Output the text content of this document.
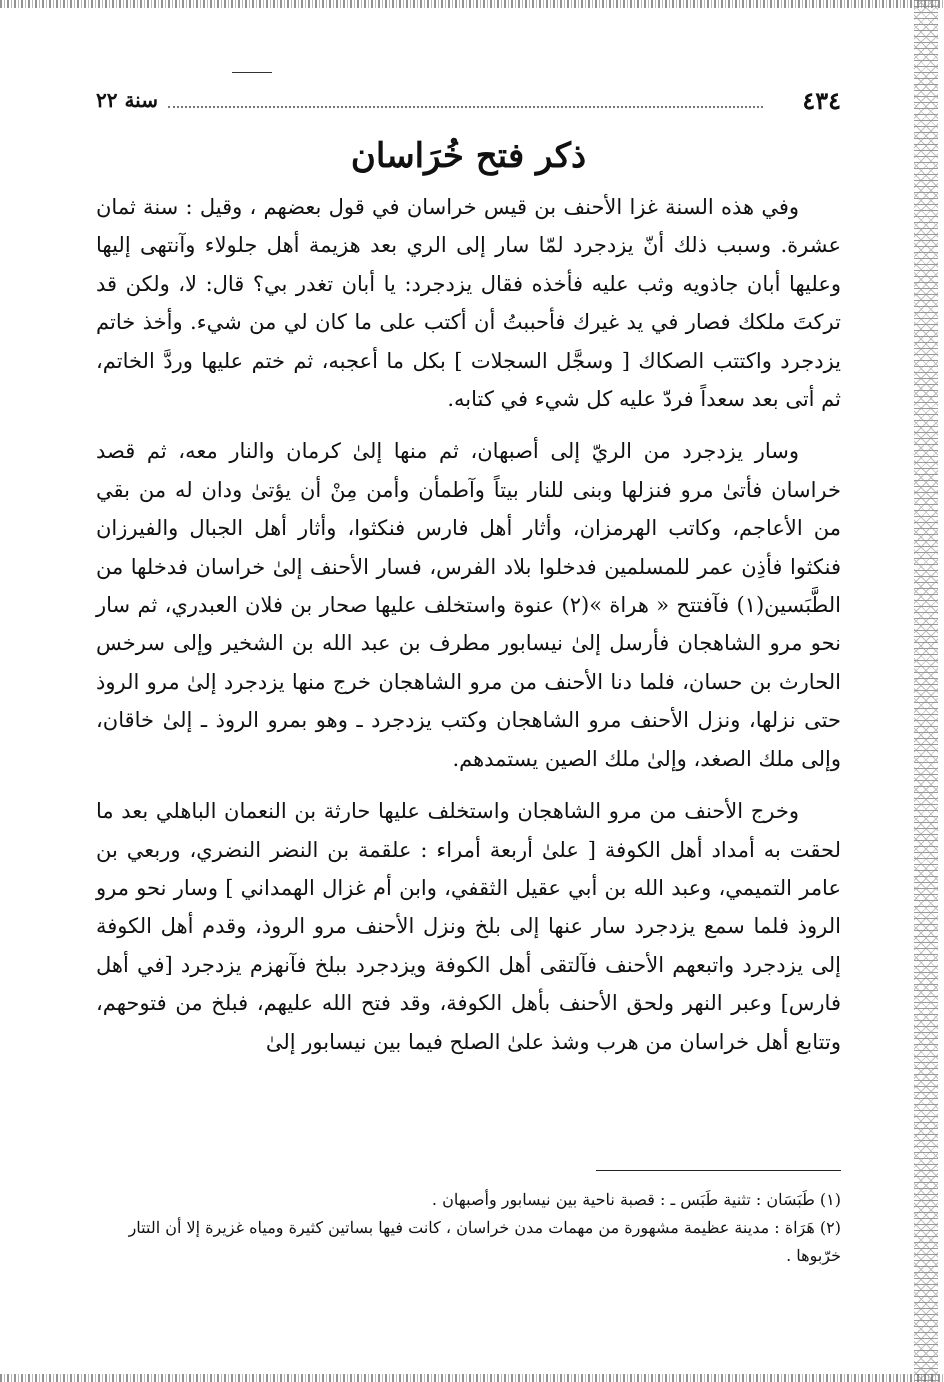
سنة ٢٢	٤٣٤
ذكر فتح خُرَاسان

وفي هذه السنة غزا الأحنف بن قيس خراسان في قول بعضهم ، وقيل : سنة ثمان عشرة. وسبب ذلك أنّ يزدجرد لمّا سار إلى الري بعد هزيمة أهل جلولاء وآنتهى إليها وعليها أبان جاذويه وثب عليه فأخذه فقال يزدجرد: يا أبان تغدر بي؟ قال: لا، ولكن قد تركتَ ملكك فصار في يد غيرك فأحببتُ أن أكتب على ما كان لي من شيء. وأخذ خاتم يزدجرد واكتتب الصكاك [ وسجَّل السجلات ] بكل ما أعجبه، ثم ختم عليها وردَّ الخاتم، ثم أتى بعد سعداً فردّ عليه كل شيء في كتابه.

وسار يزدجرد من الريّ إلى أصبهان، ثم منها إلىٰ كرمان والنار معه، ثم قصد خراسان فأتىٰ مرو فنزلها وبنى للنار بيتاً وآطمأن وأمن مِنْ أن يؤتىٰ ودان له من بقي من الأعاجم، وكاتب الهرمزان، وأثار أهل فارس فنكثوا، وأثار أهل الجبال والفيرزان فنكثوا فأذِن عمر للمسلمين فدخلوا بلاد الفرس، فسار الأحنف إلىٰ خراسان فدخلها من الطَّبَسين(١) فآفتتح « هراة »(٢) عنوة واستخلف عليها صحار بن فلان العبدري، ثم سار نحو مرو الشاهجان فأرسل إلىٰ نيسابور مطرف بن عبد الله بن الشخير وإلى سرخس الحارث بن حسان، فلما دنا الأحنف من مرو الشاهجان خرج منها يزدجرد إلىٰ مرو الروذ حتى نزلها، ونزل الأحنف مرو الشاهجان وكتب يزدجرد ـ وهو بمرو الروذ ـ إلىٰ خاقان، وإلى ملك الصغد، وإلىٰ ملك الصين يستمدهم.

وخرج الأحنف من مرو الشاهجان واستخلف عليها حارثة بن النعمان الباهلي بعد ما لحقت به أمداد أهل الكوفة [ علىٰ أربعة أمراء : علقمة بن النضر النضري، وربعي بن عامر التميمي، وعبد الله بن أبي عقيل الثقفي، وابن أم غزال الهمداني ] وسار نحو مرو الروذ فلما سمع يزدجرد سار عنها إلى بلخ ونزل الأحنف مرو الروذ، وقدم أهل الكوفة إلى يزدجرد واتبعهم الأحنف فآلتقى أهل الكوفة ويزدجرد ببلخ فآنهزم يزدجرد [في أهل فارس] وعبر النهر ولحق الأحنف بأهل الكوفة، وقد فتح الله عليهم، فبلخ من فتوحهم، وتتابع أهل خراسان من هرب وشذ علىٰ الصلح فيما بين نيسابور إلىٰ

(١) طَبَسَان : تثنية طَبَس ـ : قصبة ناحية بين نيسابور وأصبهان .

(٢) هَرَاة : مدينة عظيمة مشهورة من مهمات مدن خراسان ، كانت فيها بساتين كثيرة ومياه غزيرة إلا أن التتار خرّبوها .
